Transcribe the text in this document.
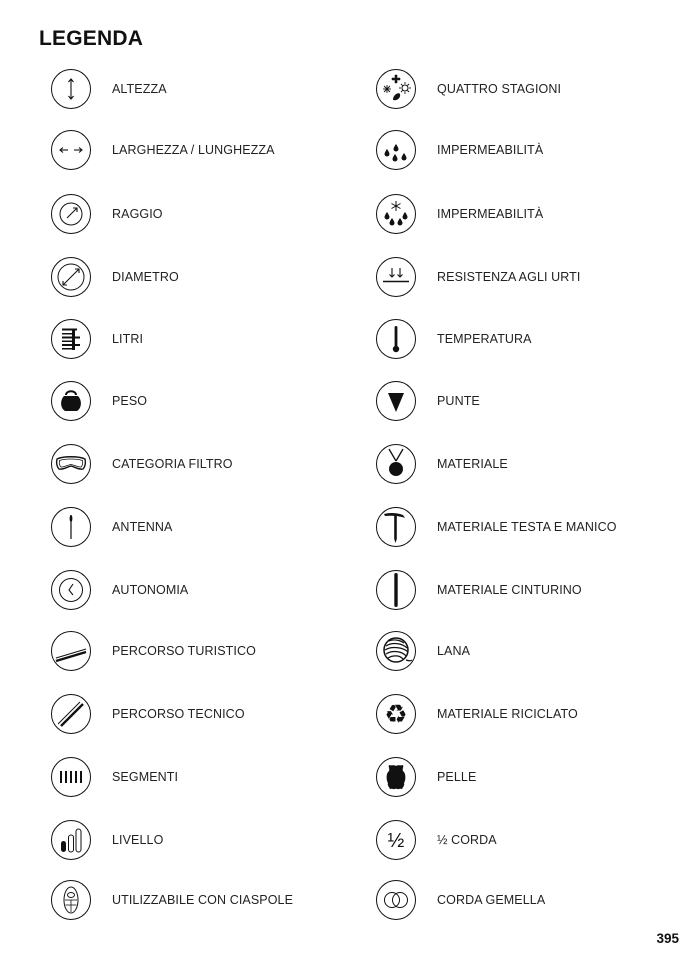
LEGENDA
ALTEZZA
LARGHEZZA / LUNGHEZZA
RAGGIO
DIAMETRO
LITRI
PESO
CATEGORIA FILTRO
ANTENNA
AUTONOMIA
PERCORSO TURISTICO
PERCORSO TECNICO
SEGMENTI
LIVELLO
UTILIZZABILE CON CIASPOLE
QUATTRO STAGIONI
IMPERMEABILITÀ
IMPERMEABILITÀ
RESISTENZA AGLI URTI
TEMPERATURA
PUNTE
MATERIALE
MATERIALE TESTA E MANICO
MATERIALE CINTURINO
LANA
♻ MATERIALE RICICLATO
PELLE
½	½ CORDA
CORDA GEMELLA
395
